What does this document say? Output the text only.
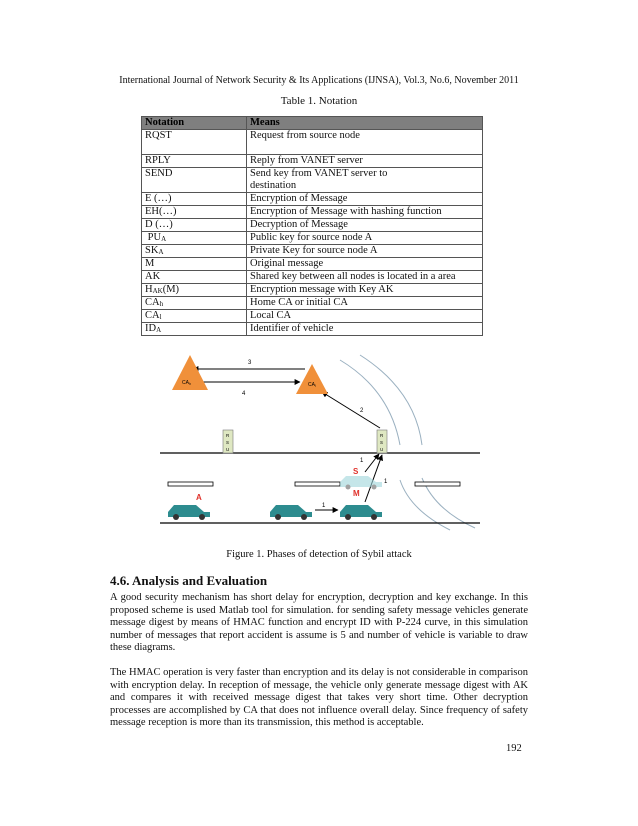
International Journal of Network Security & Its Applications (IJNSA), Vol.3, No.6, November 2011
Table 1. Notation
Notation	Means
RQST	Request from source node
RPLY	Reply from VANET server
SEND	Send key from VANET server to
destination
E (…)	Encryption of Message
EH(…)	Encryption of Message with hashing function
D (…)	Decryption of Message
$PU_A$	Public key for source node A
$SK_A$	Private Key for source node A
M	Original message
AK	Shared key between all nodes is located in a area
$H_{AK}(M)$	Encryption message with Key AK
$CA_h$	Home CA or initial CA
$CA_l$	Local CA
$ID_A$	Identifier of vehicle
3
4
2
$CA_h$	$CA_l$
R
S
U
R
S
U
1
1
1
A	M
S
Figure 1. Phases of detection of Sybil attack
4.6. Analysis and Evaluation
A good security mechanism has short delay for encryption, decryption and key exchange. In this proposed scheme is used Matlab tool for simulation. for sending safety message vehicles generate message digest by means of HMAC function and encrypt ID with P-224 curve, in this simulation number of messages that report accident is assume is 5 and number of vehicle is variable to draw these diagrams.
The HMAC operation is very faster than encryption and its delay is not considerable in comparison with encryption delay. In reception of message, the vehicle only generate message digest with AK and compares it with received message digest that takes very short time. Other decryption processes are accomplished by CA that does not influence overall delay. Since frequency of safety message reception is more than its transmission, this method is acceptable.
192
